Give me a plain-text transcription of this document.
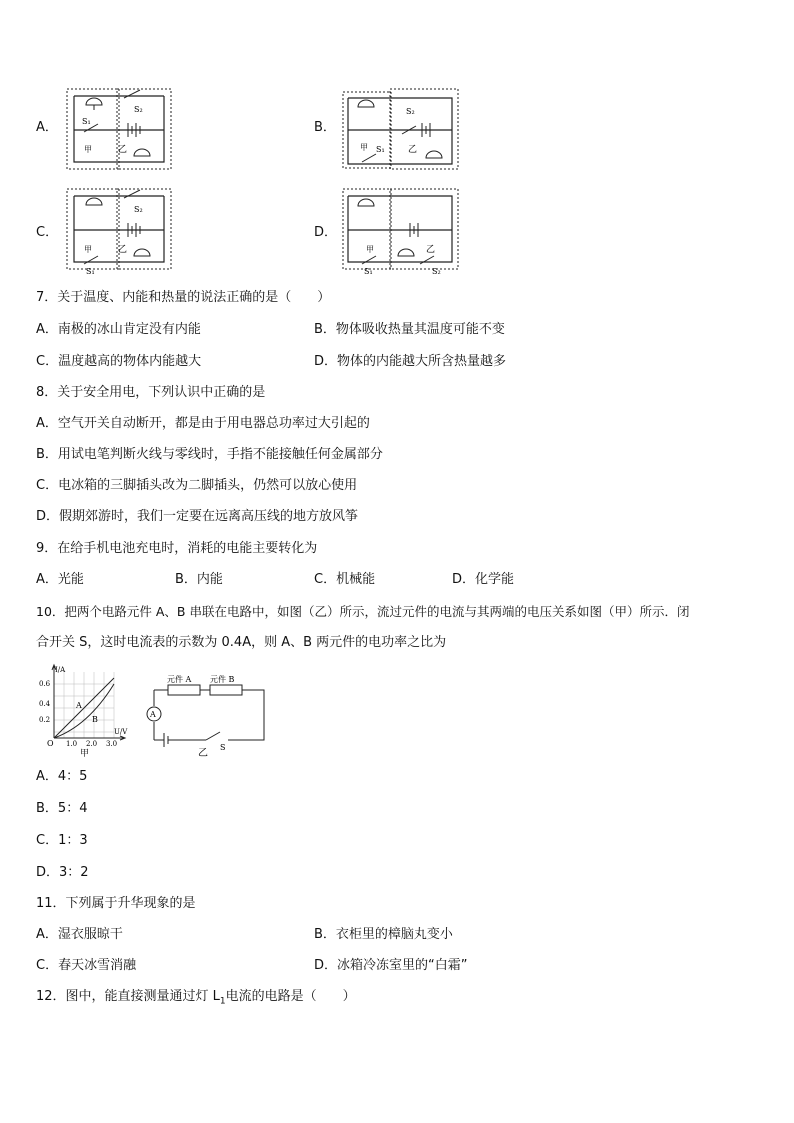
A．	B．
C．	D．
S₂
S₁
甲	乙
S₂
S₁
甲	乙
S₂
S₁
甲	乙
S₁	S₂
甲	乙
7．关于温度、内能和热量的说法正确的是（　　）
A．南极的冰山肯定没有内能	B．物体吸收热量其温度可能不变
C．温度越高的物体内能越大	D．物体的内能越大所含热量越多
8．关于安全用电，下列认识中正确的是
A．空气开关自动断开，都是由于用电器总功率过大引起的
B．用试电笔判断火线与零线时，手指不能接触任何金属部分
C．电冰箱的三脚插头改为二脚插头，仍然可以放心使用
D．假期郊游时，我们一定要在远离高压线的地方放风筝
9．在给手机电池充电时，消耗的电能主要转化为
A．光能	B．内能	C．机械能	D．化学能
10．把两个电路元件 A、B 串联在电路中，如图（乙）所示，流过元件的电流与其两端的电压关系如图（甲）所示．闭
合开关 S，这时电流表的示数为 0.4A，则 A、B 两元件的电功率之比为
I/A
U/V
0.6
0.4
0.2
1.0 2.0 3.0
O
A
B
甲
元件 A 元件 B
A
S
乙
A．4：5
B．5：4
C．1：3
D．3：2
11．下列属于升华现象的是
A．湿衣服晾干	B．衣柜里的樟脑丸变小
C．春天冰雪消融	D．冰箱冷冻室里的“白霜”
12．图中，能直接测量通过灯 $L_1$电流的电路是（　　）
